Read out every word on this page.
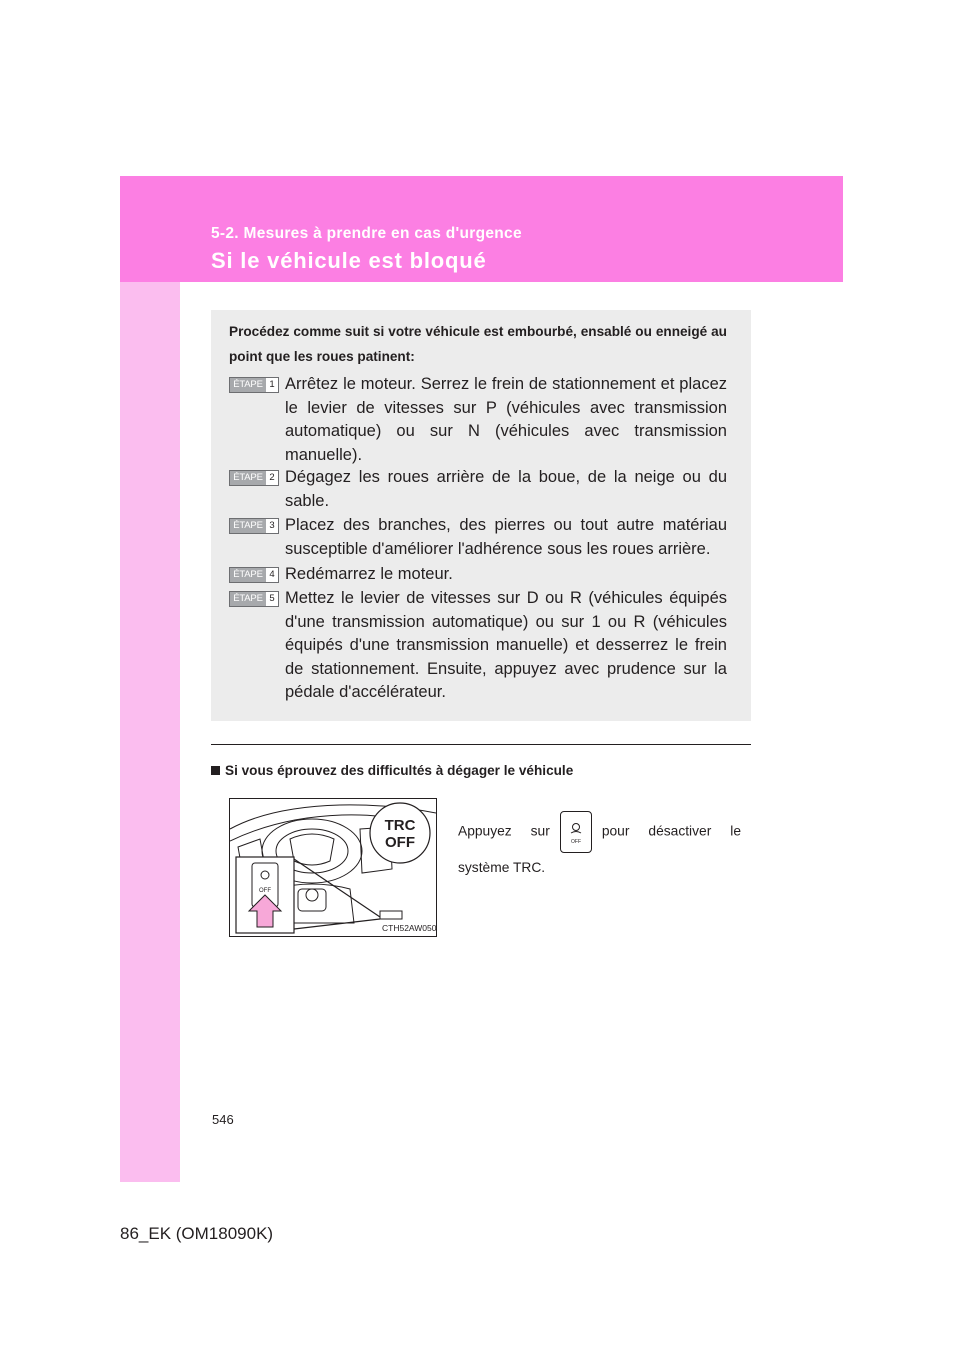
5-2. Mesures à prendre en cas d'urgence
Si le véhicule est bloqué
Procédez comme suit si votre véhicule est embourbé, ensablé ou enneigé au point que les roues patinent:
ÉTAPE 1 Arrêtez le moteur. Serrez le frein de stationnement et placez le levier de vitesses sur P (véhicules avec transmission automatique) ou sur N (véhicules avec transmission manuelle).
ÉTAPE 2 Dégagez les roues arrière de la boue, de la neige ou du sable.
ÉTAPE 3 Placez des branches, des pierres ou tout autre matériau susceptible d'améliorer l'adhérence sous les roues arrière.
ÉTAPE 4 Redémarrez le moteur.
ÉTAPE 5 Mettez le levier de vitesses sur D ou R (véhicules équipés d'une transmission automatique) ou sur 1 ou R (véhicules équipés d'une transmission manuelle) et desserrez le frein de stationnement. Ensuite, appuyez avec prudence sur la pédale d'accélérateur.
Si vous éprouvez des difficultés à dégager le véhicule
TRC
OFF
OFF
CTH52AW050
Appuyez sur
OFF
pour désactiver le système TRC.
546
86_EK (OM18090K)
